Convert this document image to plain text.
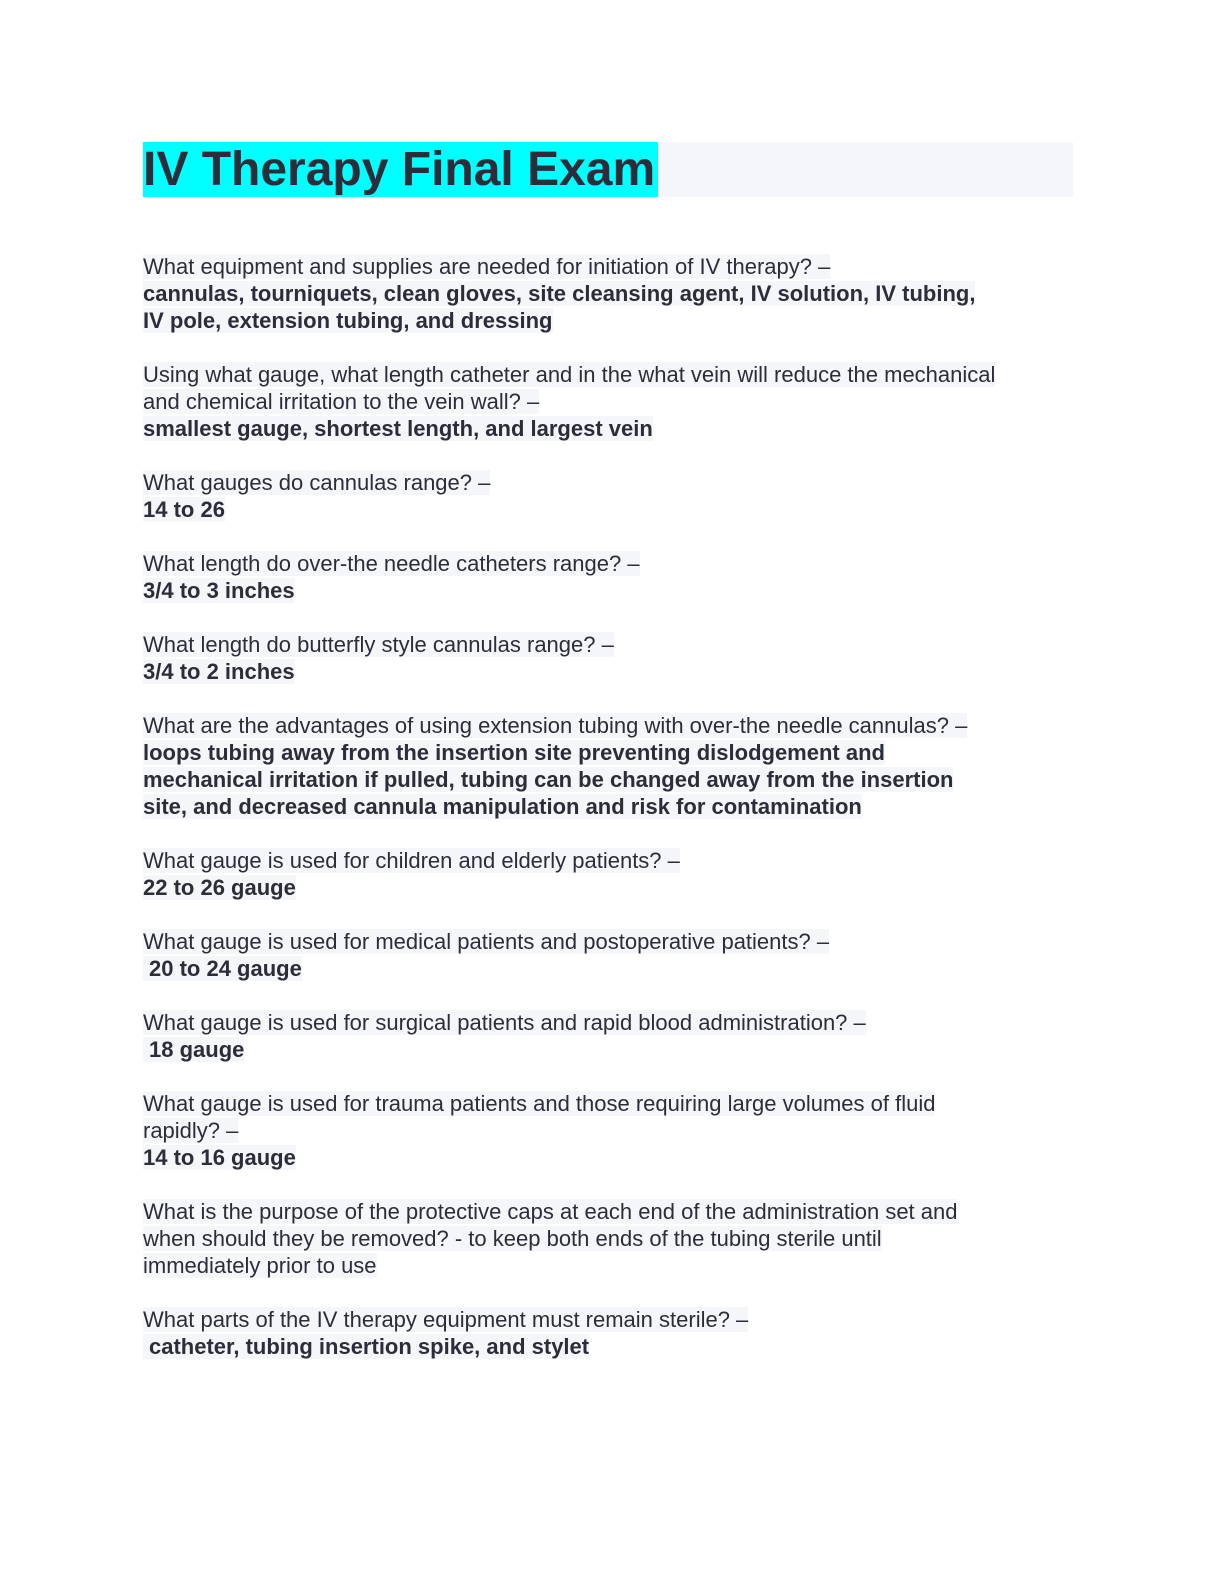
IV Therapy Final Exam
What equipment and supplies are needed for initiation of IV therapy? –
cannulas, tourniquets, clean gloves, site cleansing agent, IV solution, IV tubing,
IV pole, extension tubing, and dressing
Using what gauge, what length catheter and in the what vein will reduce the mechanical
and chemical irritation to the vein wall? –
smallest gauge, shortest length, and largest vein
What gauges do cannulas range? –
14 to 26
What length do over-the needle catheters range? –
3/4 to 3 inches
What length do butterfly style cannulas range? –
3/4 to 2 inches
What are the advantages of using extension tubing with over-the needle cannulas? –
loops tubing away from the insertion site preventing dislodgement and
mechanical irritation if pulled, tubing can be changed away from the insertion
site, and decreased cannula manipulation and risk for contamination
What gauge is used for children and elderly patients? –
22 to 26 gauge
What gauge is used for medical patients and postoperative patients? –
20 to 24 gauge
What gauge is used for surgical patients and rapid blood administration? –
18 gauge
What gauge is used for trauma patients and those requiring large volumes of fluid
rapidly? –
14 to 16 gauge
What is the purpose of the protective caps at each end of the administration set and
when should they be removed? - to keep both ends of the tubing sterile until
immediately prior to use
What parts of the IV therapy equipment must remain sterile? –
catheter, tubing insertion spike, and stylet
